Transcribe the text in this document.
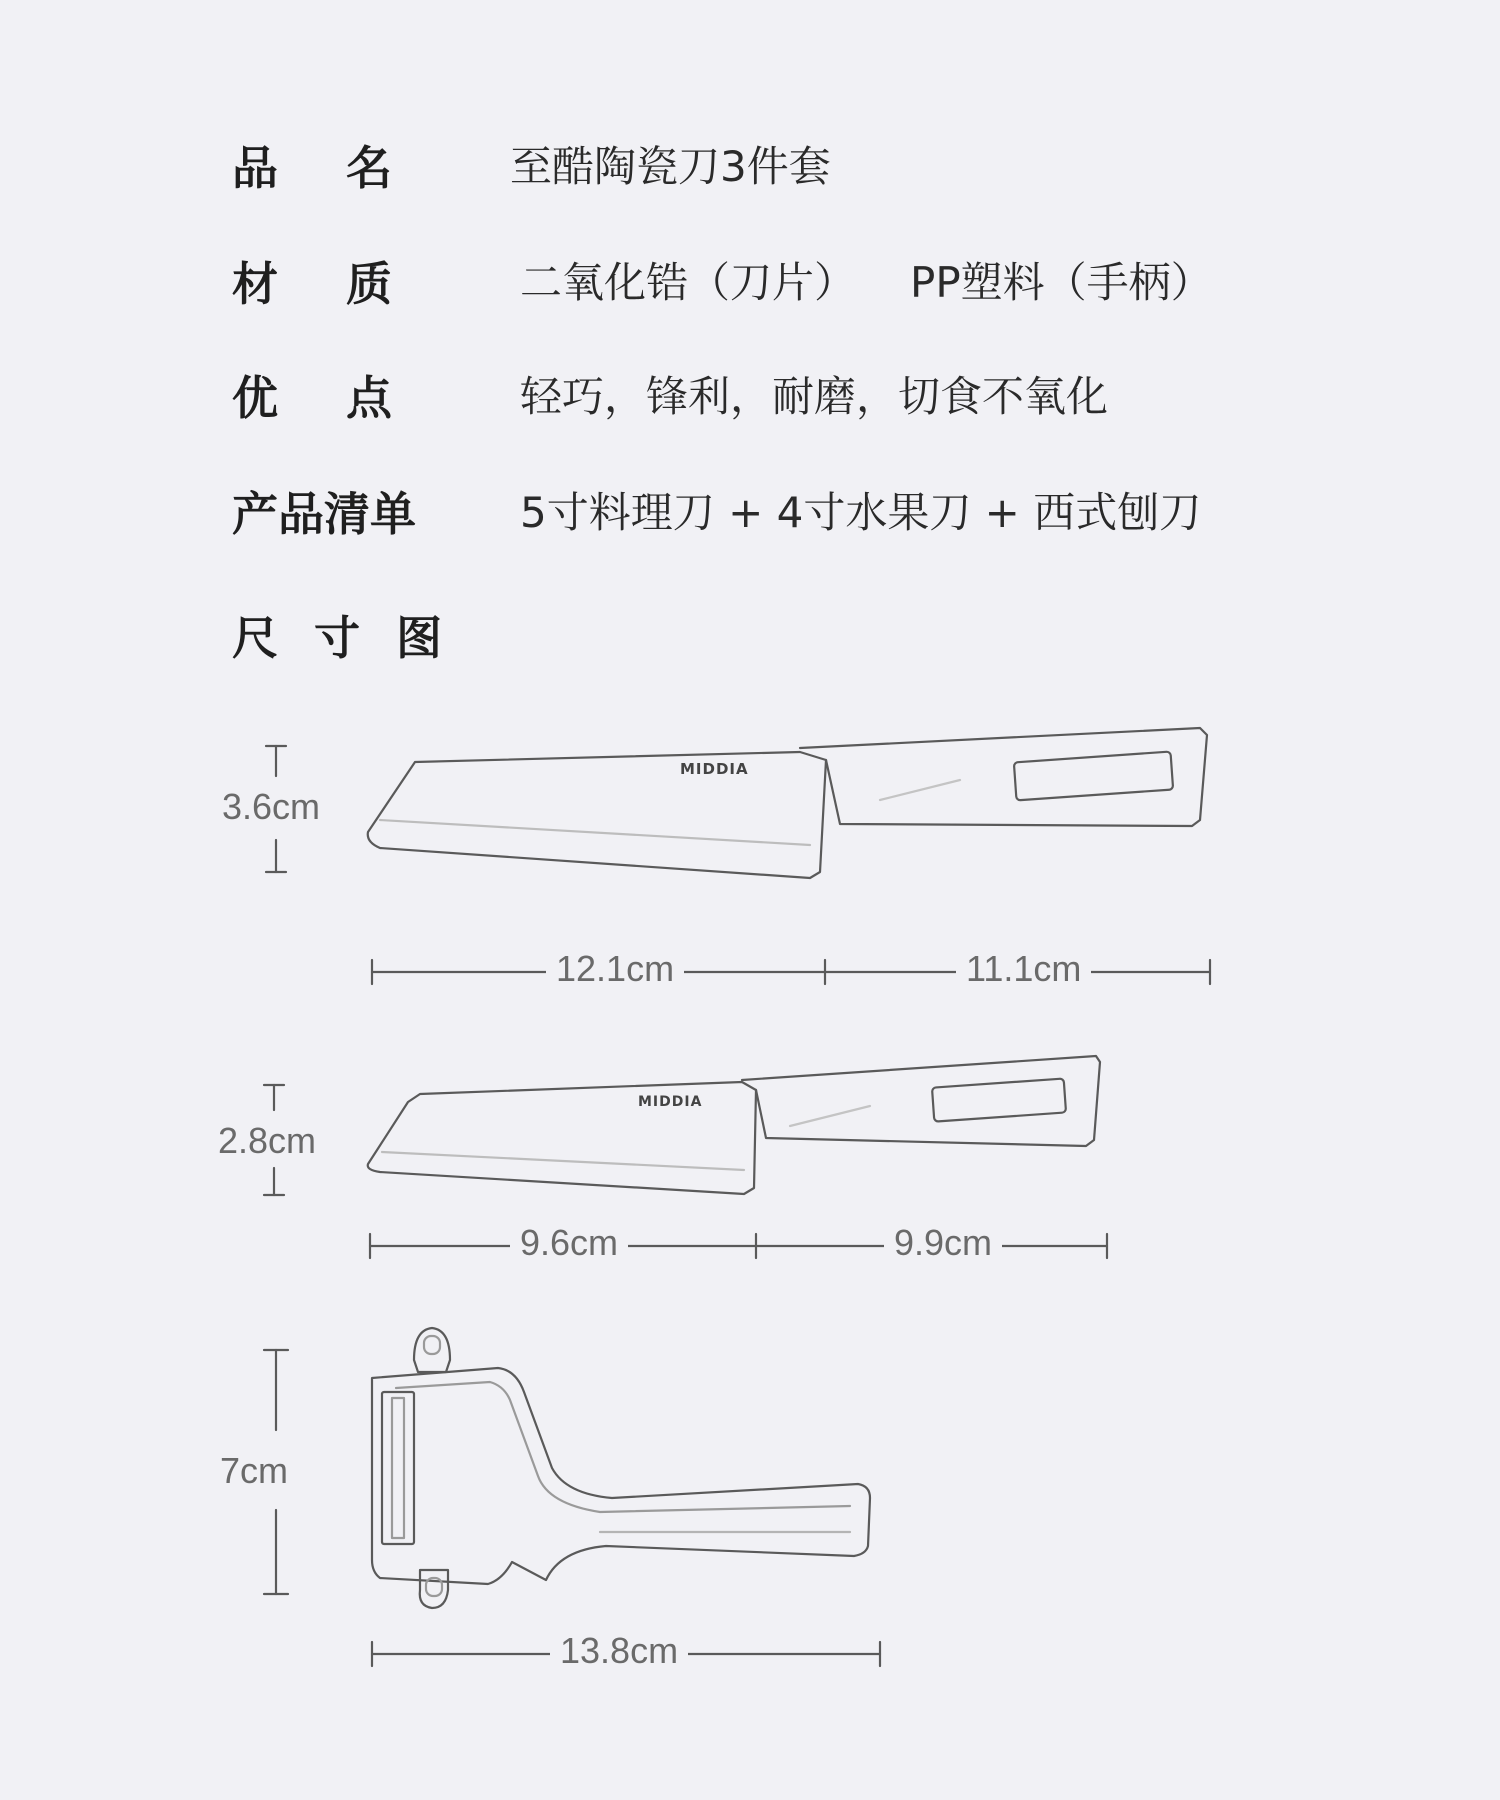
品 名	至酷陶瓷刀3件套
材 质	二氧化锆（刀片） PP塑料（手柄）
优 点	轻巧，锋利，耐磨，切食不氧化
产品清单 5寸料理刀 + 4寸水果刀 + 西式刨刀
尺 寸 图
MIDDIA
MIDDIA
3.6cm
12.1cm	11.1cm
2.8cm
9.6cm	9.9cm
7cm
13.8cm
